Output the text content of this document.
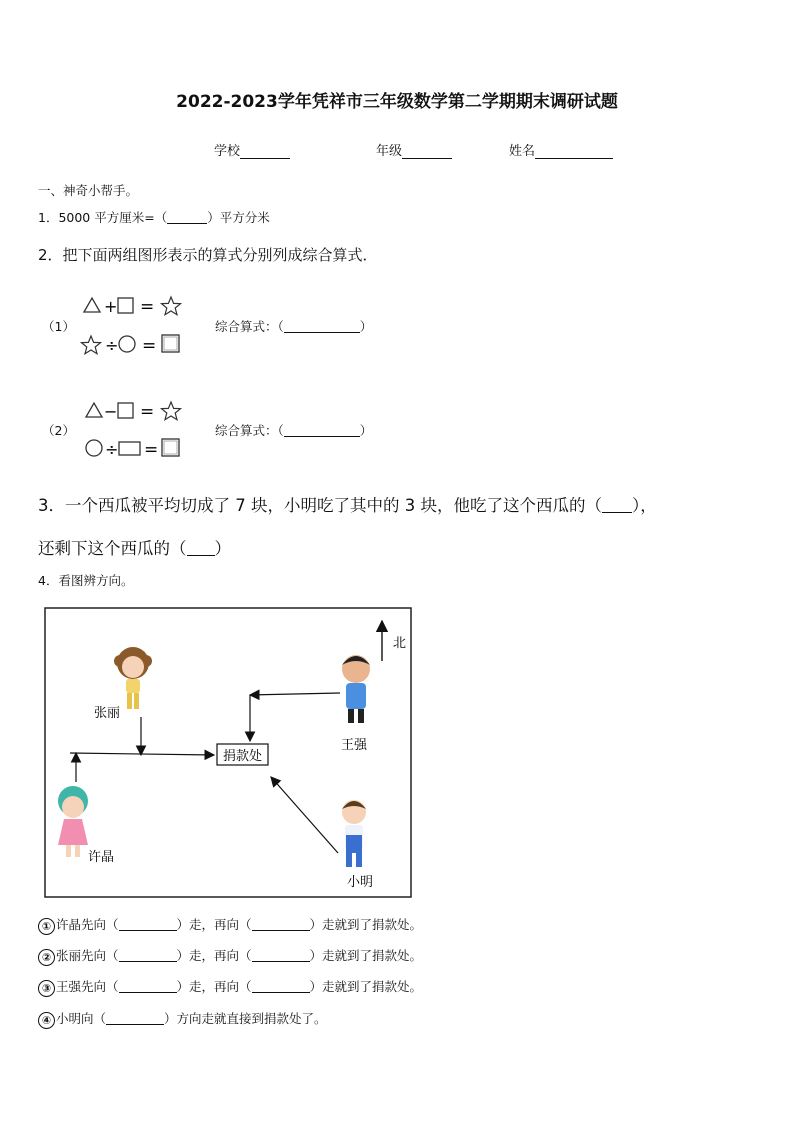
2022-2023学年凭祥市三年级数学第二学期期末调研试题
学校	年级	姓名
一、神奇小帮手。
1．5000 平方厘米=（	）平方分米
2．把下面两组图形表示的算式分别列成综合算式．
（1）
+ =
÷ =
综合算式：（	）
（2）
− =
÷ =
综合算式：（	）
3．一个西瓜被平均切成了 7 块，小明吃了其中的 3 块，他吃了这个西瓜的（ ），
还剩下这个西瓜的（ ）
4．看图辨方向。
北
捐款处
张丽
王强
许晶
小明
① 许晶先向（	）走，再向（	）走就到了捐款处。
② 张丽先向（	）走，再向（	）走就到了捐款处。
③ 王强先向（	）走，再向（	）走就到了捐款处。
④ 小明向（	）方向走就直接到捐款处了。
